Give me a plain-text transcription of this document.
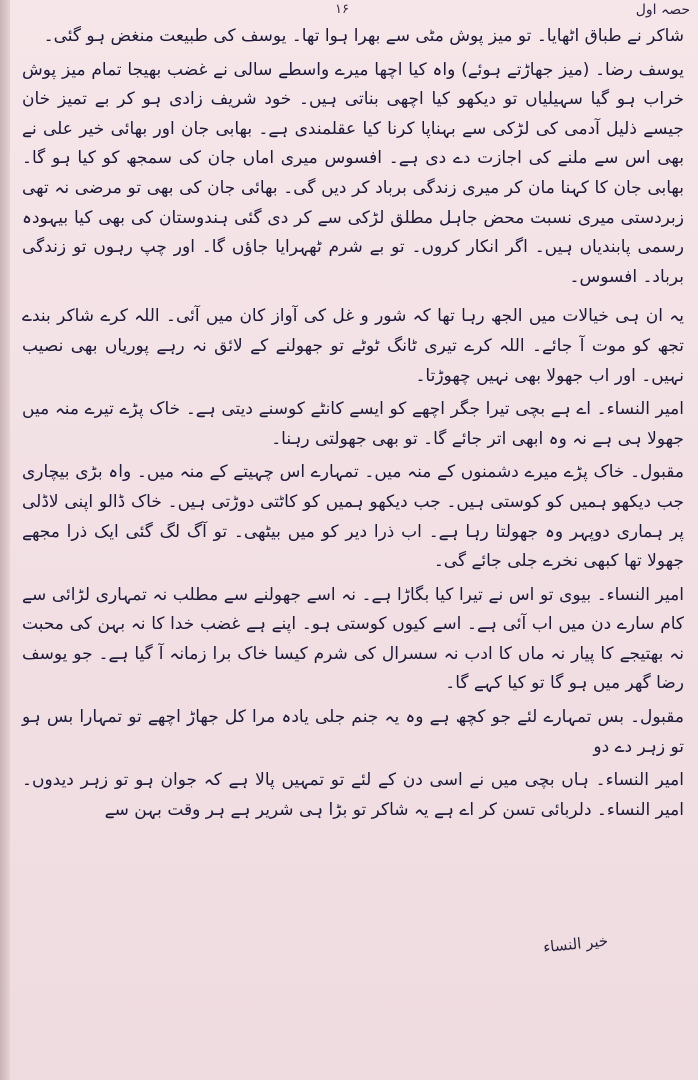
۱۶	حصہ اول

شاکر نے طباق اٹھایا۔ تو میز پوش مٹی سے بھرا ہوا تھا۔ یوسف کی طبیعت منغض ہو گئی۔

یوسف رضا۔ (میز جھاڑتے ہوئے) واہ کیا اچھا میرے واسطے سالی نے غضب بھیجا تمام میز پوش خراب ہو گیا سہیلیاں تو دیکھو کیا اچھی بناتی ہیں۔ خود شریف زادی ہو کر بے تمیز خان جیسے ذلیل آدمی کی لڑکی سے بہناپا کرنا کیا عقلمندی ہے۔ بھابی جان اور بھائی خیر علی نے بھی اس سے ملنے کی اجازت دے دی ہے۔ افسوس میری اماں جان کی سمجھ کو کیا ہو گا۔ بھابی جان کا کہنا مان کر میری زندگی برباد کر دیں گی۔ بھائی جان کی بھی تو مرضی نہ تھی زبردستی میری نسبت محض جاہل مطلق لڑکی سے کر دی گئی ہندوستان کی بھی کیا بیہودہ رسمی پابندیاں ہیں۔ اگر انکار کروں۔ تو بے شرم ٹھہرایا جاؤں گا۔ اور چپ رہوں تو زندگی برباد۔ افسوس۔

یہ ان ہی خیالات میں الجھ رہا تھا کہ شور و غل کی آواز کان میں آئی۔ اللہ کرے شاکر بندے تجھ کو موت آ جائے۔ اللہ کرے تیری ٹانگ ٹوٹے تو جھولنے کے لائق نہ رہے پوریاں بھی نصیب نہیں۔ اور اب جھولا بھی نہیں چھوڑتا۔

امیر النساء۔ اے ہے بچی تیرا جگر اچھے کو ایسے کانٹے کوسنے دیتی ہے۔ خاک پڑے تیرے منہ میں جھولا ہی ہے نہ وہ ابھی اتر جائے گا۔ تو بھی جھولتی رہنا۔

مقبول۔ خاک پڑے میرے دشمنوں کے منہ میں۔ تمہارے اس چہیتے کے منہ میں۔ واہ بڑی بیچاری جب دیکھو ہمیں کو کوستی ہیں۔ جب دیکھو ہمیں کو کاٹتی دوڑتی ہیں۔ خاک ڈالو اپنی لاڈلی پر ہماری دوپہر وہ جھولتا رہا ہے۔ اب ذرا دیر کو میں بیٹھی۔ تو آگ لگ گئی ایک ذرا مجھے جھولا تھا کبھی نخرے جلی جائے گی۔

امیر النساء۔ بیوی تو اس نے تیرا کیا بگاڑا ہے۔ نہ اسے جھولنے سے مطلب نہ تمہاری لڑائی سے کام سارے دن میں اب آئی ہے۔ اسے کیوں کوستی ہو۔ اپنے ہے غضب خدا کا نہ بہن کی محبت نہ بھتیجے کا پیار نہ ماں کا ادب نہ سسرال کی شرم کیسا خاک برا زمانہ آ گیا ہے۔ جو یوسف رضا گھر میں ہو گا تو کیا کہے گا۔

مقبول۔ بس تمہارے لئے جو کچھ ہے وہ یہ جنم جلی یادہ مرا کل جھاڑ اچھے تو تمہارا بس ہو تو زہر دے دو

امیر النساء۔ ہاں بچی میں نے اسی دن کے لئے تو تمہیں پالا ہے کہ جوان ہو تو زہر دیدوں۔ امیر النساء۔ دلربائی تسن کر اے ہے یہ شاکر تو بڑا ہی شریر ہے ہر وقت بہن سے

خیر النساء
